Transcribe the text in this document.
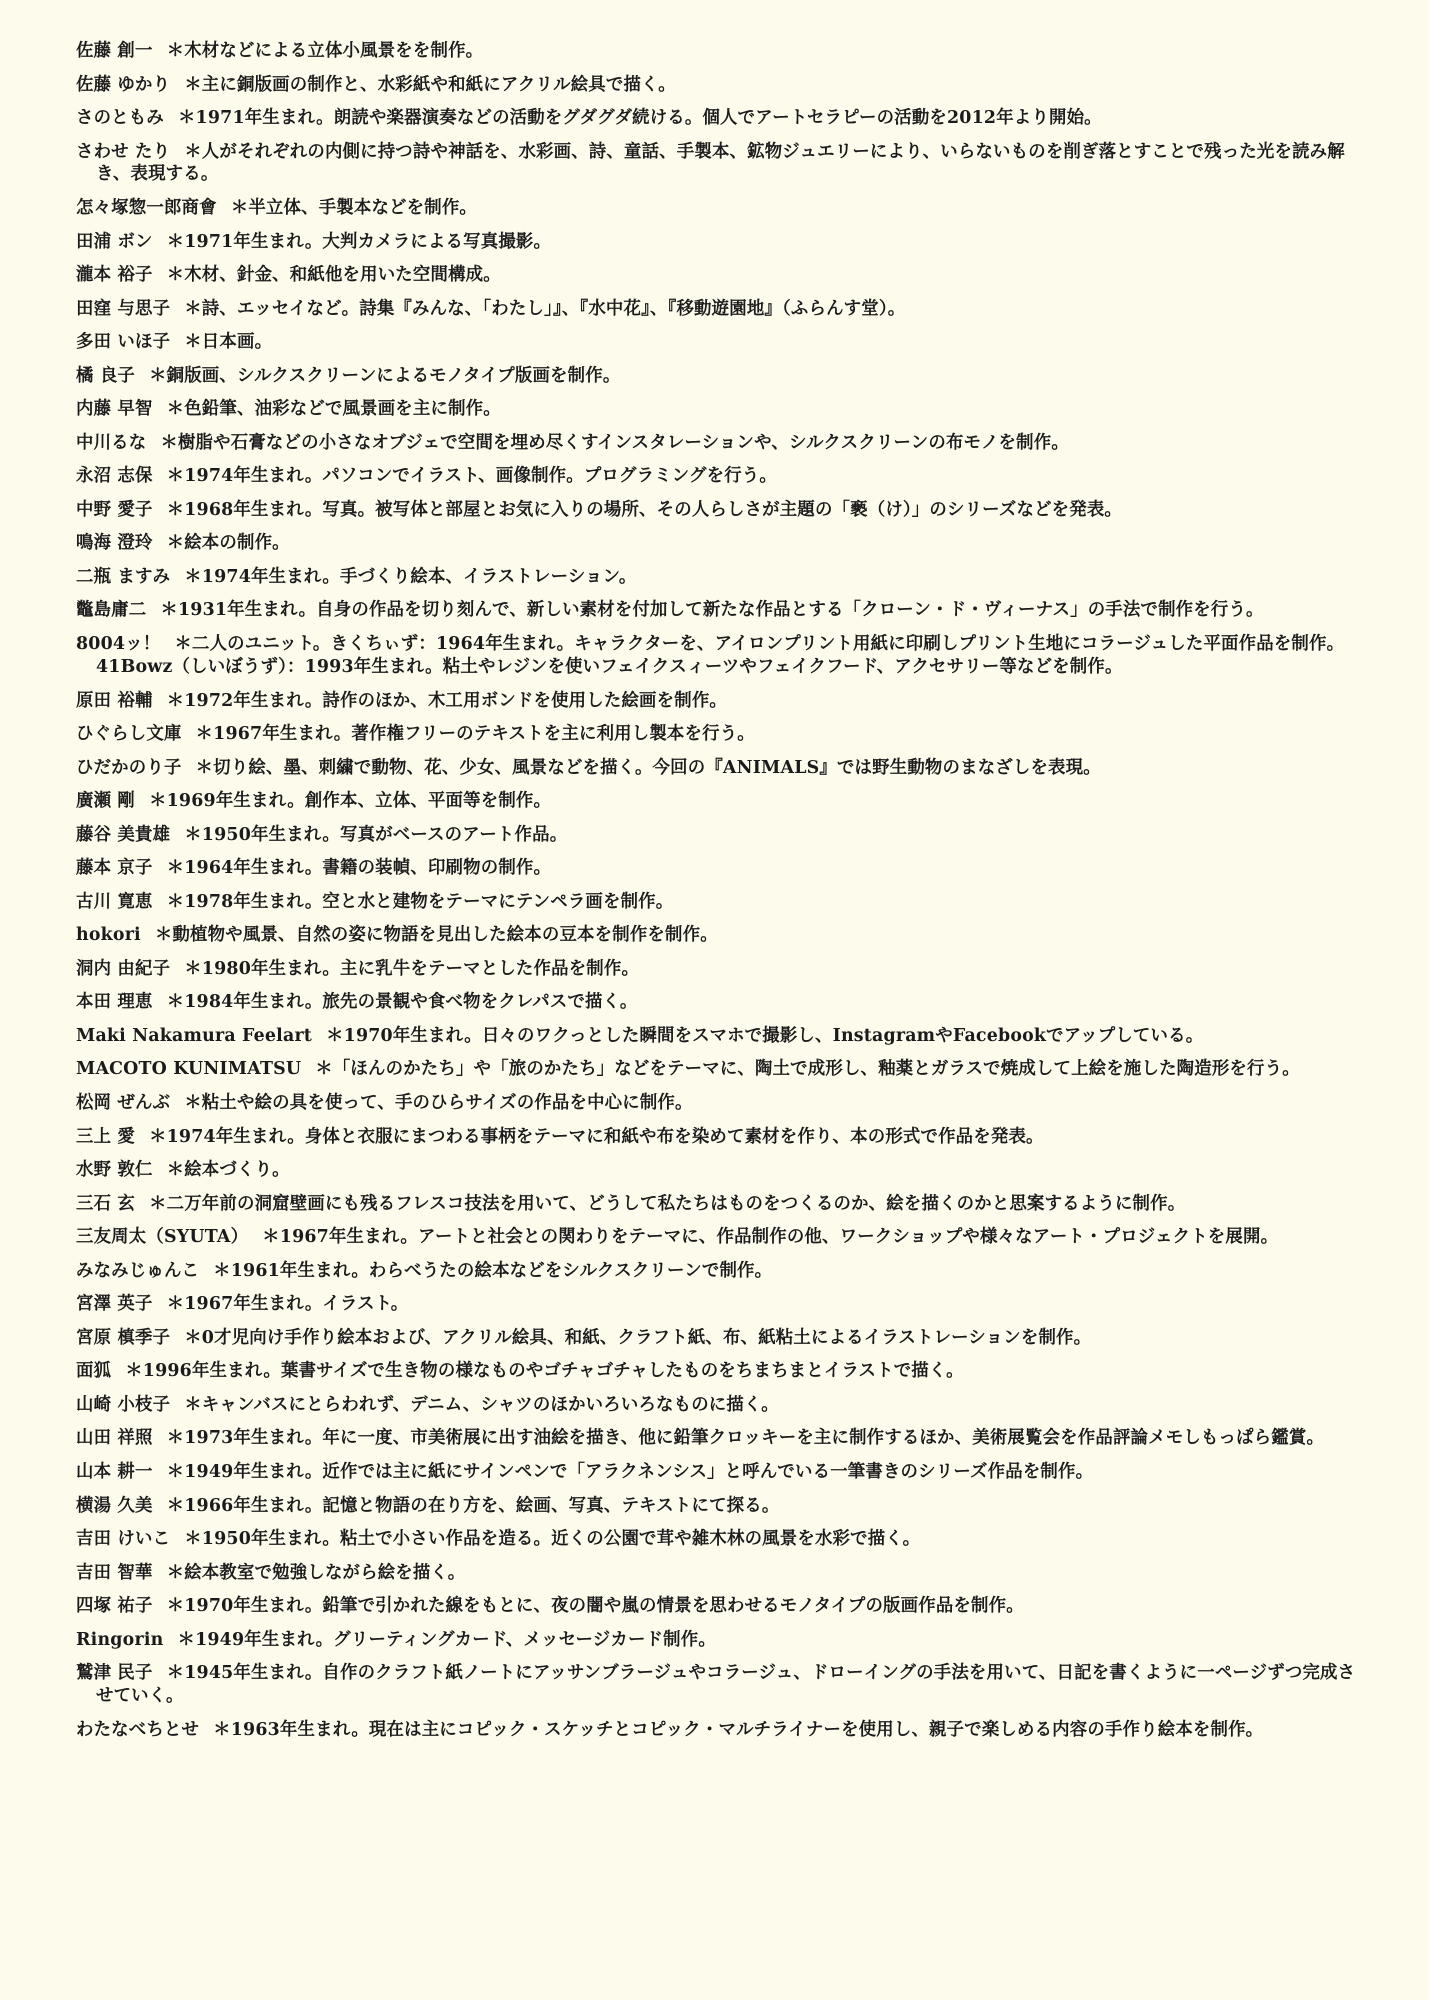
佐藤 創一 ＊木材などによる立体小風景をを制作。
佐藤 ゆかり ＊主に銅版画の制作と、水彩紙や和紙にアクリル絵具で描く。
さのともみ ＊1971年生まれ。朗読や楽器演奏などの活動をグダグダ続ける。個人でアートセラピーの活動を2012年より開始。
さわせ たり ＊人がそれぞれの内側に持つ詩や神話を、水彩画、詩、童話、手製本、鉱物ジュエリーにより、いらないものを削ぎ落とすことで残った光を読み解き、表現する。
怎々塚惣一郎商會 ＊半立体、手製本などを制作。
田浦 ボン ＊1971年生まれ。大判カメラによる写真撮影。
瀧本 裕子 ＊木材、針金、和紙他を用いた空間構成。
田窪 与思子 ＊詩、エッセイなど。詩集『みんな、「わたし」』、『水中花』、『移動遊園地』（ふらんす堂）。
多田 いほ子 ＊日本画。
橘 良子 ＊銅版画、シルクスクリーンによるモノタイプ版画を制作。
内藤 早智 ＊色鉛筆、油彩などで風景画を主に制作。
中川るな ＊樹脂や石膏などの小さなオブジェで空間を埋め尽くすインスタレーションや、シルクスクリーンの布モノを制作。
永沼 志保 ＊1974年生まれ。パソコンでイラスト、画像制作。プログラミングを行う。
中野 愛子 ＊1968年生まれ。写真。被写体と部屋とお気に入りの場所、その人らしさが主題の「褻（け）」のシリーズなどを発表。
鳴海 澄玲 ＊絵本の制作。
二瓶 ますみ ＊1974年生まれ。手づくり絵本、イラストレーション。
鼈島庸二 ＊1931年生まれ。自身の作品を切り刻んで、新しい素材を付加して新たな作品とする「クローン・ド・ヴィーナス」の手法で制作を行う。
8004ッ！ ＊二人のユニット。きくちぃず：1964年生まれ。キャラクターを、アイロンプリント用紙に印刷しプリント生地にコラージュした平面作品を制作。41Bowz（しいぼうず）：1993年生まれ。粘土やレジンを使いフェイクスィーツやフェイクフード、アクセサリー等などを制作。
原田 裕輔 ＊1972年生まれ。詩作のほか、木工用ボンドを使用した絵画を制作。
ひぐらし文庫 ＊1967年生まれ。著作権フリーのテキストを主に利用し製本を行う。
ひだかのり子 ＊切り絵、墨、刺繍で動物、花、少女、風景などを描く。今回の『ANIMALS』では野生動物のまなざしを表現。
廣瀬 剛 ＊1969年生まれ。創作本、立体、平面等を制作。
藤谷 美貴雄 ＊1950年生まれ。写真がベースのアート作品。
藤本 京子 ＊1964年生まれ。書籍の装幀、印刷物の制作。
古川 寛恵 ＊1978年生まれ。空と水と建物をテーマにテンペラ画を制作。
hokori ＊動植物や風景、自然の姿に物語を見出した絵本の豆本を制作を制作。
洞内 由紀子 ＊1980年生まれ。主に乳牛をテーマとした作品を制作。
本田 理恵 ＊1984年生まれ。旅先の景観や食べ物をクレパスで描く。
Maki Nakamura Feelart ＊1970年生まれ。日々のワクっとした瞬間をスマホで撮影し、InstagramやFacebookでアップしている。
MACOTO KUNIMATSU ＊「ほんのかたち」や「旅のかたち」などをテーマに、陶土で成形し、釉薬とガラスで焼成して上絵を施した陶造形を行う。
松岡 ぜんぶ ＊粘土や絵の具を使って、手のひらサイズの作品を中心に制作。
三上 愛 ＊1974年生まれ。身体と衣服にまつわる事柄をテーマに和紙や布を染めて素材を作り、本の形式で作品を発表。
水野 敦仁 ＊絵本づくり。
三石 玄 ＊二万年前の洞窟壁画にも残るフレスコ技法を用いて、どうして私たちはものをつくるのか、絵を描くのかと思案するように制作。
三友周太（SYUTA） ＊1967年生まれ。アートと社会との関わりをテーマに、作品制作の他、ワークショップや様々なアート・プロジェクトを展開。
みなみじゅんこ ＊1961年生まれ。わらべうたの絵本などをシルクスクリーンで制作。
宮澤 英子 ＊1967年生まれ。イラスト。
宮原 槙季子 ＊0才児向け手作り絵本および、アクリル絵具、和紙、クラフト紙、布、紙粘土によるイラストレーションを制作。
面狐 ＊1996年生まれ。葉書サイズで生き物の様なものやゴチャゴチャしたものをちまちまとイラストで描く。
山崎 小枝子 ＊キャンバスにとらわれず、デニム、シャツのほかいろいろなものに描く。
山田 祥照 ＊1973年生まれ。年に一度、市美術展に出す油絵を描き、他に鉛筆クロッキーを主に制作するほか、美術展覧会を作品評論メモしもっぱら鑑賞。
山本 耕一 ＊1949年生まれ。近作では主に紙にサインペンで「アラクネンシス」と呼んでいる一筆書きのシリーズ作品を制作。
横湯 久美 ＊1966年生まれ。記憶と物語の在り方を、絵画、写真、テキストにて探る。
吉田 けいこ ＊1950年生まれ。粘土で小さい作品を造る。近くの公園で茸や雑木林の風景を水彩で描く。
吉田 智華 ＊絵本教室で勉強しながら絵を描く。
四塚 祐子 ＊1970年生まれ。鉛筆で引かれた線をもとに、夜の闇や嵐の情景を思わせるモノタイプの版画作品を制作。
Ringorin ＊1949年生まれ。グリーティングカード、メッセージカード制作。
鷲津 民子 ＊1945年生まれ。自作のクラフト紙ノートにアッサンブラージュやコラージュ、ドローイングの手法を用いて、日記を書くように一ページずつ完成させていく。
わたなべちとせ ＊1963年生まれ。現在は主にコピック・スケッチとコピック・マルチライナーを使用し、親子で楽しめる内容の手作り絵本を制作。
